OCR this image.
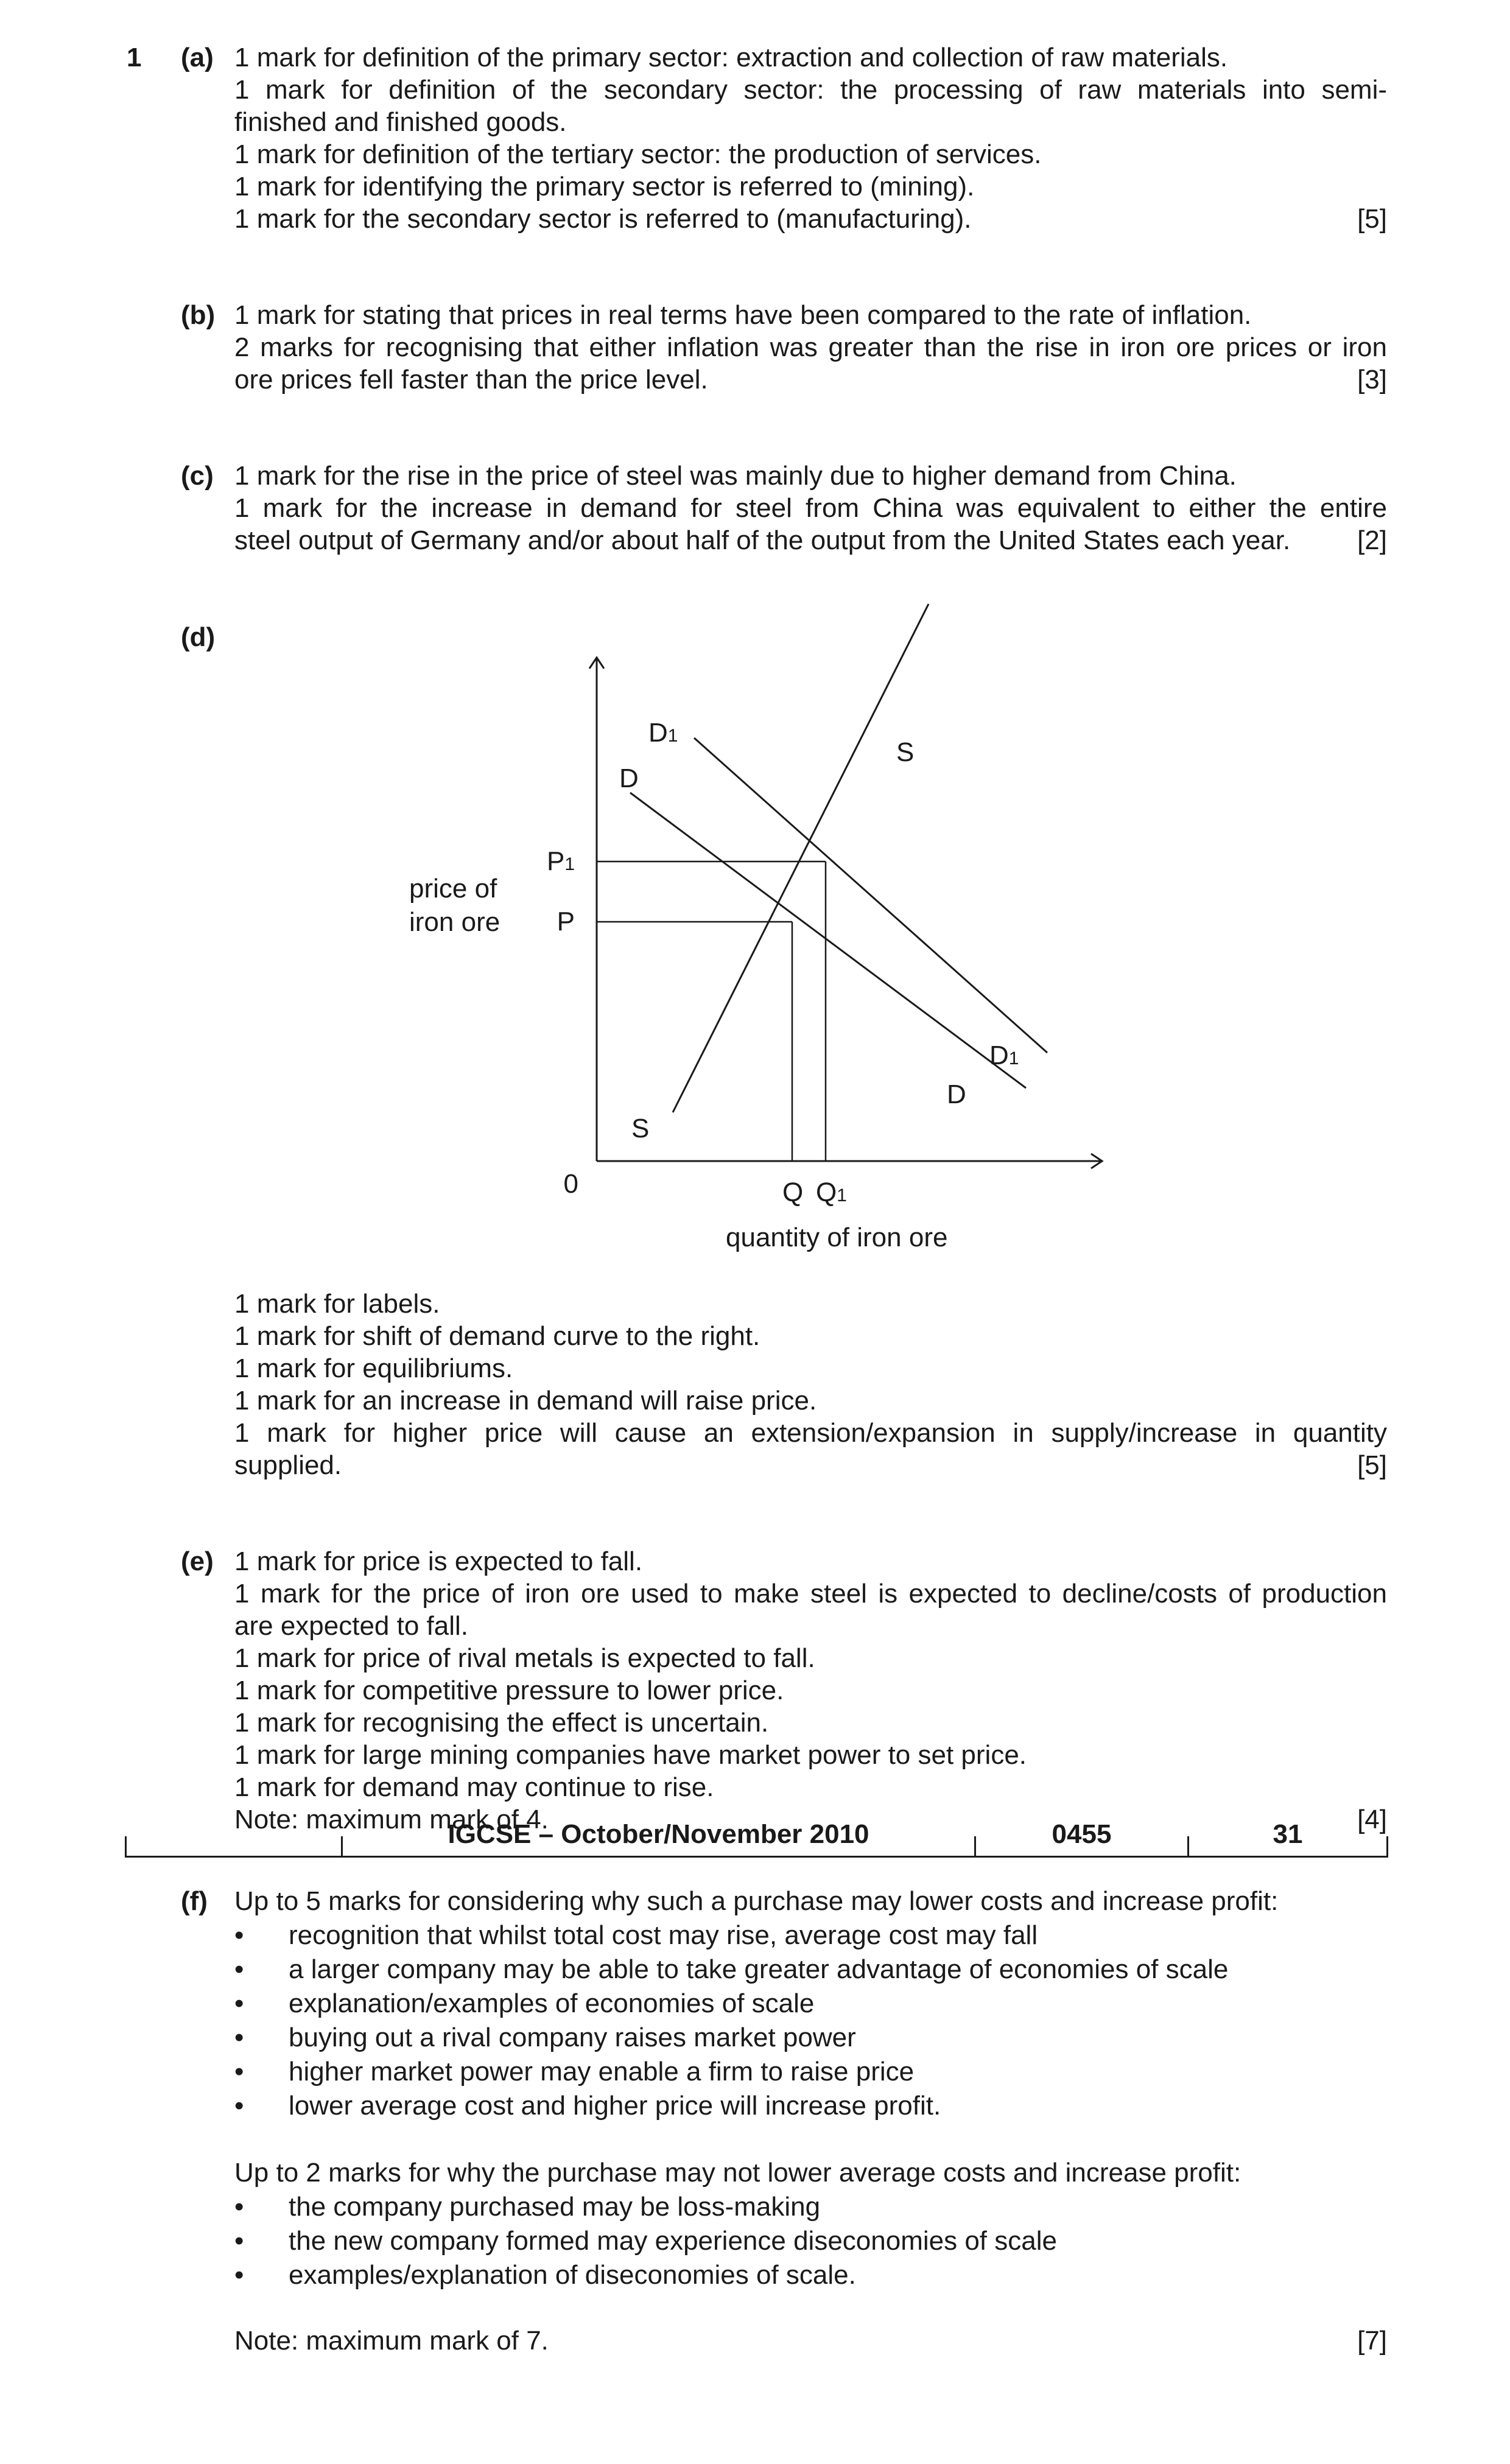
1 (a) 1 mark for definition of the primary sector: extraction and collection of raw materials.
1 mark for definition of the secondary sector: the processing of raw materials into semi-
finished and finished goods.
1 mark for definition of the tertiary sector: the production of services.
1 mark for identifying the primary sector is referred to (mining).
1 mark for the secondary sector is referred to (manufacturing).	[5]
(b) 1 mark for stating that prices in real terms have been compared to the rate of inflation.
2 marks for recognising that either inflation was greater than the rise in iron ore prices or iron
ore prices fell faster than the price level.	[3]
(c) 1 mark for the rise in the price of steel was mainly due to higher demand from China.
1 mark for the increase in demand for steel from China was equivalent to either the entire
steel output of Germany and/or about half of the output from the United States each year.	[2]
(d)
price of iron ore
quantity of iron ore
P
Q
P1
Q1
0
D1
D
S
D1
D
S
1 mark for labels.
1 mark for shift of demand curve to the right.
1 mark for equilibriums.
1 mark for an increase in demand will raise price.
1 mark for higher price will cause an extension/expansion in supply/increase in quantity
supplied.	[5]
(e) 1 mark for price is expected to fall.
1 mark for the price of iron ore used to make steel is expected to decline/costs of production
are expected to fall.
1 mark for price of rival metals is expected to fall.
1 mark for competitive pressure to lower price.
1 mark for recognising the effect is uncertain.
1 mark for large mining companies have market power to set price.
1 mark for demand may continue to rise.
Note: maximum mark of 4.	[4]
IGCSE – October/November 2010	0455	31
(f) Up to 5 marks for considering why such a purchase may lower costs and increase profit:
• recognition that whilst total cost may rise, average cost may fall
• a larger company may be able to take greater advantage of economies of scale
• explanation/examples of economies of scale
• buying out a rival company raises market power
• higher market power may enable a firm to raise price
• lower average cost and higher price will increase profit.
Up to 2 marks for why the purchase may not lower average costs and increase profit:
• the company purchased may be loss-making
• the new company formed may experience diseconomies of scale
• examples/explanation of diseconomies of scale.
Note: maximum mark of 7.	[7]
